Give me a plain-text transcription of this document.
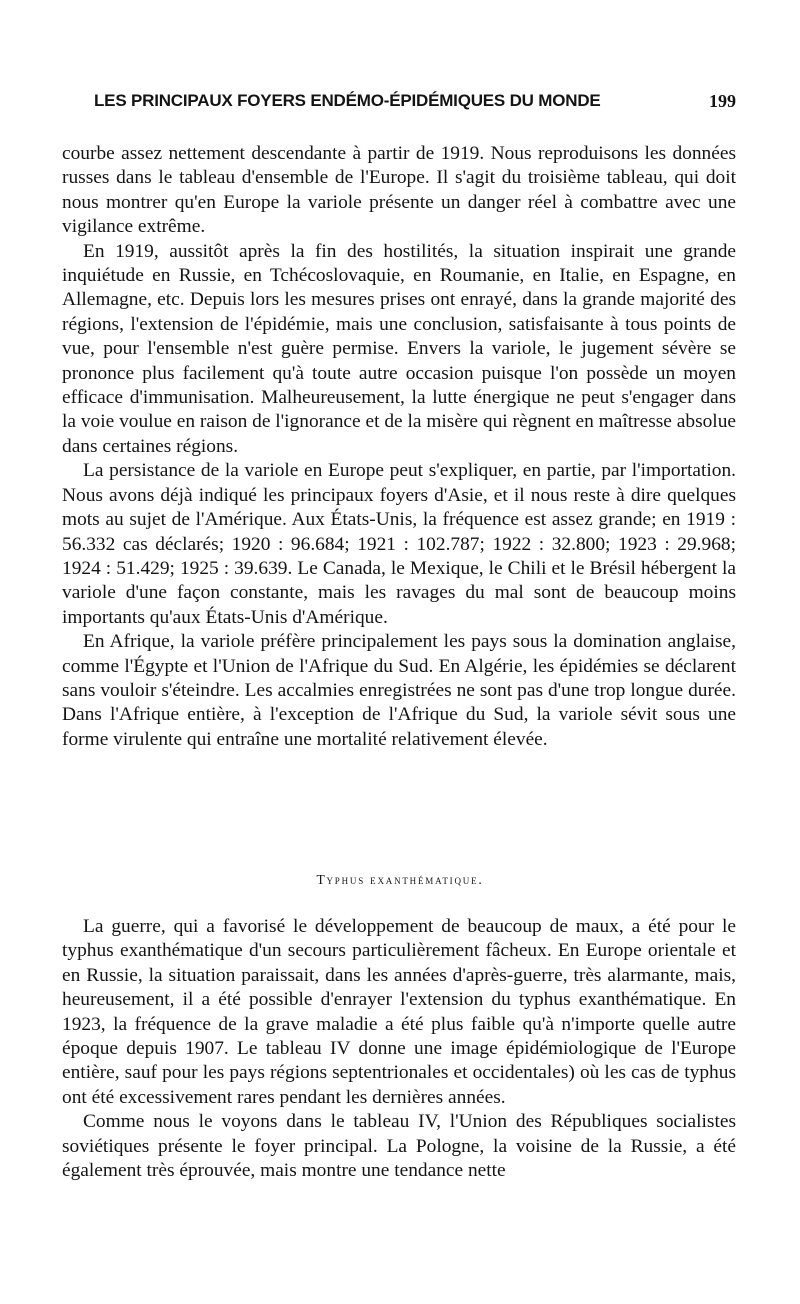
LES PRINCIPAUX FOYERS ENDÉMO-ÉPIDÉMIQUES DU MONDE	199

courbe assez nettement descendante à partir de 1919. Nous reproduisons les données russes dans le tableau d'ensemble de l'Europe. Il s'agit du troisième tableau, qui doit nous montrer qu'en Europe la variole présente un danger réel à combattre avec une vigilance extrême.

En 1919, aussitôt après la fin des hostilités, la situation inspirait une grande inquiétude en Russie, en Tchécoslovaquie, en Roumanie, en Italie, en Espagne, en Allemagne, etc. Depuis lors les mesures prises ont enrayé, dans la grande majorité des régions, l'extension de l'épidémie, mais une conclusion, satisfaisante à tous points de vue, pour l'ensemble n'est guère permise. Envers la variole, le jugement sévère se prononce plus facilement qu'à toute autre occasion puisque l'on possède un moyen efficace d'immunisation. Malheureusement, la lutte énergique ne peut s'engager dans la voie voulue en raison de l'ignorance et de la misère qui règnent en maîtresse absolue dans certaines régions.

La persistance de la variole en Europe peut s'expliquer, en partie, par l'importation. Nous avons déjà indiqué les principaux foyers d'Asie, et il nous reste à dire quelques mots au sujet de l'Amérique. Aux États-Unis, la fréquence est assez grande; en 1919 : 56.332 cas déclarés; 1920 : 96.684; 1921 : 102.787; 1922 : 32.800; 1923 : 29.968; 1924 : 51.429; 1925 : 39.639. Le Canada, le Mexique, le Chili et le Brésil hébergent la variole d'une façon constante, mais les ravages du mal sont de beaucoup moins importants qu'aux États-Unis d'Amérique.

En Afrique, la variole préfère principalement les pays sous la domination anglaise, comme l'Égypte et l'Union de l'Afrique du Sud. En Algérie, les épidémies se déclarent sans vouloir s'éteindre. Les accalmies enregistrées ne sont pas d'une trop longue durée. Dans l'Afrique entière, à l'exception de l'Afrique du Sud, la variole sévit sous une forme virulente qui entraîne une mortalité relativement élevée.

Typhus exanthématique.

La guerre, qui a favorisé le développement de beaucoup de maux, a été pour le typhus exanthématique d'un secours particulièrement fâcheux. En Europe orientale et en Russie, la situation paraissait, dans les années d'après-guerre, très alarmante, mais, heureusement, il a été possible d'enrayer l'extension du typhus exanthématique. En 1923, la fréquence de la grave maladie a été plus faible qu'à n'importe quelle autre époque depuis 1907. Le tableau IV donne une image épidémiologique de l'Europe entière, sauf pour les pays régions septentrionales et occidentales) où les cas de typhus ont été excessivement rares pendant les dernières années.

Comme nous le voyons dans le tableau IV, l'Union des Républiques socialistes soviétiques présente le foyer principal. La Pologne, la voisine de la Russie, a été également très éprouvée, mais montre une tendance nette
